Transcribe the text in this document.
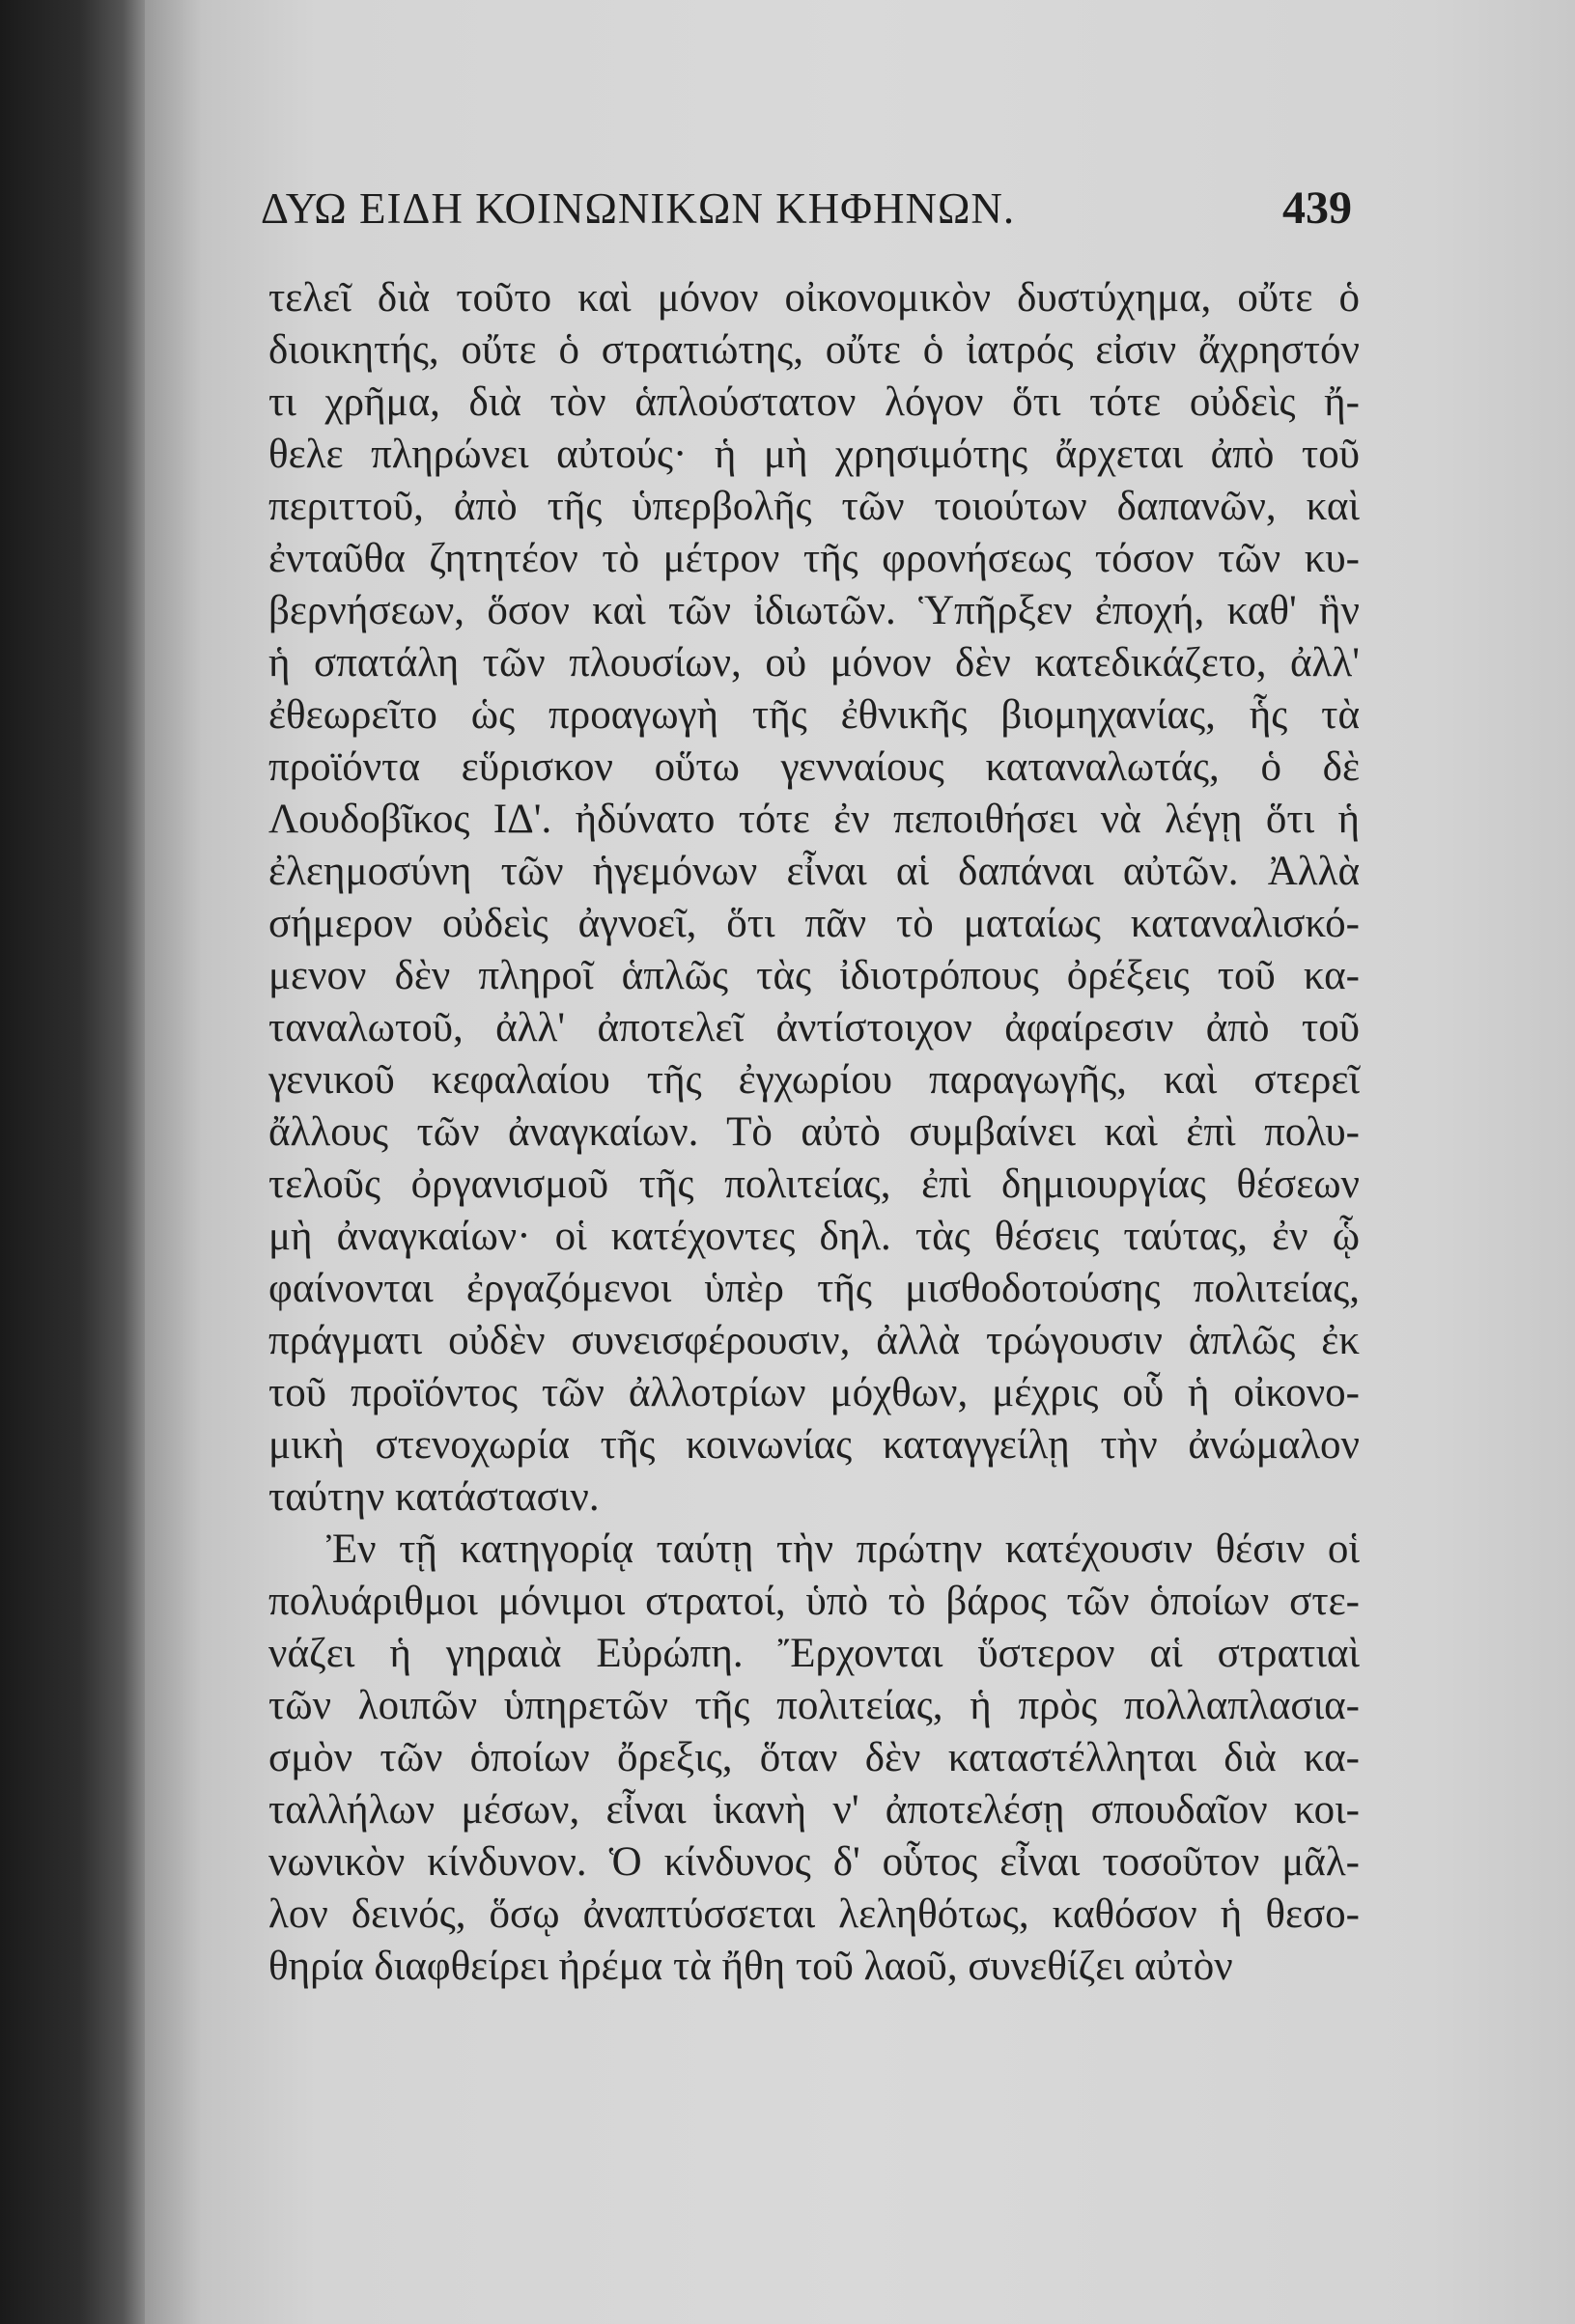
ΔΥΩ ΕΙΔΗ ΚΟΙΝΩΝΙΚΩΝ ΚΗΦΗΝΩΝ.	439
τελεῖ διὰ τοῦτο καὶ μόνον οἰκονομικὸν δυστύχημα, οὔτε ὁ
διοικητής, οὔτε ὁ στρατιώτης, οὔτε ὁ ἰατρός εἰσιν ἄχρηστόν
τι χρῆμα, διὰ τὸν ἁπλούστατον λόγον ὅτι τότε οὐδεὶς ἤ-
θελε πληρώνει αὐτούς· ἡ μὴ χρησιμότης ἄρχεται ἀπὸ τοῦ
περιττοῦ, ἀπὸ τῆς ὑπερβολῆς τῶν τοιούτων δαπανῶν, καὶ
ἐνταῦθα ζητητέον τὸ μέτρον τῆς φρονήσεως τόσον τῶν κυ-
βερνήσεων, ὅσον καὶ τῶν ἰδιωτῶν. Ὑπῆρξεν ἐποχή, καθ' ἣν
ἡ σπατάλη τῶν πλουσίων, οὐ μόνον δὲν κατεδικάζετο, ἀλλ'
ἐθεωρεῖτο ὡς προαγωγὴ τῆς ἐθνικῆς βιομηχανίας, ἧς τὰ
προϊόντα εὕρισκον οὕτω γενναίους καταναλωτάς, ὁ δὲ
Λουδοβῖκος ΙΔ'. ἠδύνατο τότε ἐν πεποιθήσει νὰ λέγῃ ὅτι ἡ
ἐλεημοσύνη τῶν ἡγεμόνων εἶναι αἱ δαπάναι αὐτῶν. Ἀλλὰ
σήμερον οὐδεὶς ἀγνοεῖ, ὅτι πᾶν τὸ ματαίως καταναλισκό-
μενον δὲν πληροῖ ἁπλῶς τὰς ἰδιοτρόπους ὀρέξεις τοῦ κα-
ταναλωτοῦ, ἀλλ' ἀποτελεῖ ἀντίστοιχον ἀφαίρεσιν ἀπὸ τοῦ
γενικοῦ κεφαλαίου τῆς ἐγχωρίου παραγωγῆς, καὶ στερεῖ
ἄλλους τῶν ἀναγκαίων. Τὸ αὐτὸ συμβαίνει καὶ ἐπὶ πολυ-
τελοῦς ὀργανισμοῦ τῆς πολιτείας, ἐπὶ δημιουργίας θέσεων
μὴ ἀναγκαίων· οἱ κατέχοντες δηλ. τὰς θέσεις ταύτας, ἐν ᾧ
φαίνονται ἐργαζόμενοι ὑπὲρ τῆς μισθοδοτούσης πολιτείας,
πράγματι οὐδὲν συνεισφέρουσιν, ἀλλὰ τρώγουσιν ἁπλῶς ἐκ
τοῦ προϊόντος τῶν ἀλλοτρίων μόχθων, μέχρις οὗ ἡ οἰκονο-
μικὴ στενοχωρία τῆς κοινωνίας καταγγείλῃ τὴν ἀνώμαλον
ταύτην κατάστασιν.
Ἐν τῇ κατηγορίᾳ ταύτῃ τὴν πρώτην κατέχουσιν θέσιν οἱ
πολυάριθμοι μόνιμοι στρατοί, ὑπὸ τὸ βάρος τῶν ὁποίων στε-
νάζει ἡ γηραιὰ Εὐρώπη. Ἔρχονται ὕστερον αἱ στρατιαὶ
τῶν λοιπῶν ὑπηρετῶν τῆς πολιτείας, ἡ πρὸς πολλαπλασια-
σμὸν τῶν ὁποίων ὄρεξις, ὅταν δὲν καταστέλληται διὰ κα-
ταλλήλων μέσων, εἶναι ἱκανὴ ν' ἀποτελέσῃ σπουδαῖον κοι-
νωνικὸν κίνδυνον. Ὁ κίνδυνος δ' οὗτος εἶναι τοσοῦτον μᾶλ-
λον δεινός, ὅσῳ ἀναπτύσσεται λεληθότως, καθόσον ἡ θεσο-
θηρία διαφθείρει ἠρέμα τὰ ἤθη τοῦ λαοῦ, συνεθίζει αὐτὸν
